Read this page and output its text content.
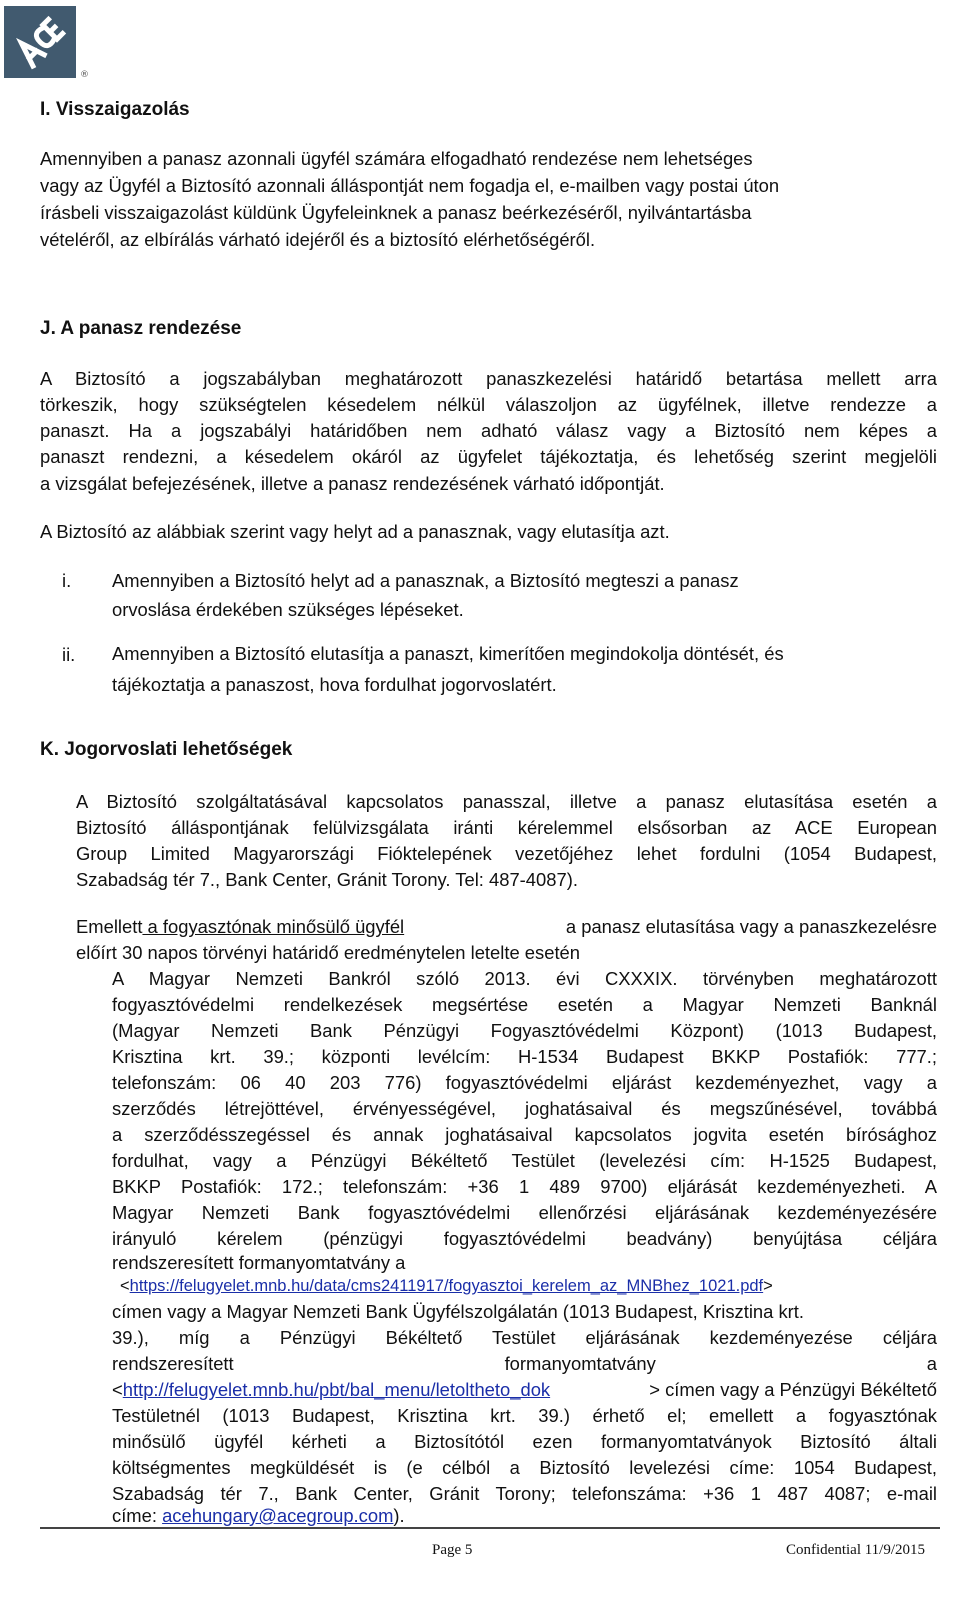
®
I. Visszaigazolás
Amennyiben a panasz azonnali ügyfél számára elfogadható rendezése nem lehetséges
vagy az Ügyfél a Biztosító azonnali álláspontját nem fogadja el, e-mailben vagy postai úton
írásbeli visszaigazolást küldünk Ügyfeleinknek a panasz beérkezéséről, nyilvántartásba
vételéről, az elbírálás várható idejéről és a biztosító elérhetőségéről.
J. A panasz rendezése
A Biztosító a jogszabályban meghatározott panaszkezelési határidő betartása mellett arra
törkeszik, hogy szükségtelen késedelem nélkül válaszoljon az ügyfélnek, illetve rendezze a
panaszt. Ha a jogszabályi határidőben nem adható válasz vagy a Biztosító nem képes a
panaszt rendezni, a késedelem okáról az ügyfelet tájékoztatja, és lehetőség szerint megjelöli
a vizsgálat befejezésének, illetve a panasz rendezésének várható időpontját.
A Biztosító az alábbiak szerint vagy helyt ad a panasznak, vagy elutasítja azt.
i. Amennyiben a Biztosító helyt ad a panasznak, a Biztosító megteszi a panasz
orvoslása érdekében szükséges lépéseket.
ii. Amennyiben a Biztosító elutasítja a panaszt, kimerítően megindokolja döntését, és
tájékoztatja a panaszost, hova fordulhat jogorvoslatért.
K. Jogorvoslati lehetőségek
A Biztosító szolgáltatásával kapcsolatos panasszal, illetve a panasz elutasítása esetén a
Biztosító álláspontjának felülvizsgálata iránti kérelemmel elsősorban az ACE European
Group Limited Magyarországi Fióktelepének vezetőjéhez lehet fordulni (1054 Budapest,
Szabadság tér 7., Bank Center, Gránit Torony. Tel: 487-4087).
Emellett a fogyasztónak minősülő ügyfél	a panasz elutasítása vagy a panaszkezelésre
előírt 30 napos törvényi határidő eredménytelen letelte esetén
A Magyar Nemzeti Bankról szóló 2013. évi CXXXIX. törvényben meghatározott
fogyasztóvédelmi rendelkezések megsértése esetén a Magyar Nemzeti Banknál
(Magyar Nemzeti Bank Pénzügyi Fogyasztóvédelmi Központ) (1013 Budapest,
Krisztina krt. 39.; központi levélcím: H-1534 Budapest BKKP Postafiók: 777.;
telefonszám: 06 40 203 776) fogyasztóvédelmi eljárást kezdeményezhet, vagy a
szerződés létrejöttével, érvényességével, joghatásaival és megszűnésével, továbbá
a szerződésszegéssel és annak joghatásaival kapcsolatos jogvita esetén bírósághoz
fordulhat, vagy a Pénzügyi Békéltető Testület (levelezési cím: H-1525 Budapest,
BKKP Postafiók: 172.; telefonszám: +36 1 489 9700) eljárását kezdeményezheti. A
Magyar Nemzeti Bank fogyasztóvédelmi ellenőrzési eljárásának kezdeményezésére
irányuló kérelem (pénzügyi fogyasztóvédelmi beadvány) benyújtása céljára
rendszeresített formanyomtatvány a
<https://felugyelet.mnb.hu/data/cms2411917/fogyasztoi_kerelem_az_MNBhez_1021.pdf>
címen vagy a Magyar Nemzeti Bank Ügyfélszolgálatán (1013 Budapest, Krisztina krt.
39.), míg a Pénzügyi Békéltető Testület eljárásának kezdeményezése céljára
rendszeresített	formanyomtatvány	a
<http://felugyelet.mnb.hu/pbt/bal_menu/letoltheto_dok	> címen vagy a Pénzügyi Békéltető
Testületnél (1013 Budapest, Krisztina krt. 39.) érhető el; emellett a fogyasztónak
minősülő ügyfél kérheti a Biztosítótól ezen formanyomtatványok Biztosító általi
költségmentes megküldését is (e célból a Biztosító levelezési címe: 1054 Budapest,
Szabadság tér 7., Bank Center, Gránit Torony; telefonszáma: +36 1 487 4087; e-mail
címe: acehungary@acegroup.com).
Page 5	Confidential 11/9/2015
